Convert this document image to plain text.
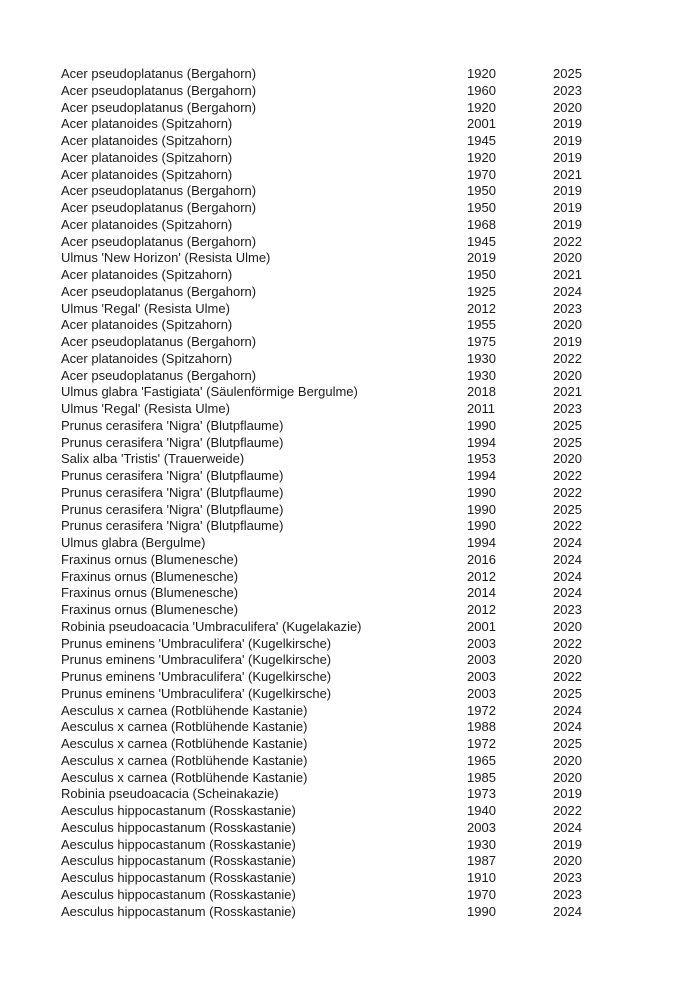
Acer pseudoplatanus (Bergahorn)	1920	2025
Acer pseudoplatanus (Bergahorn)	1960	2023
Acer pseudoplatanus (Bergahorn)	1920	2020
Acer platanoides (Spitzahorn)	2001	2019
Acer platanoides (Spitzahorn)	1945	2019
Acer platanoides (Spitzahorn)	1920	2019
Acer platanoides (Spitzahorn)	1970	2021
Acer pseudoplatanus (Bergahorn)	1950	2019
Acer pseudoplatanus (Bergahorn)	1950	2019
Acer platanoides (Spitzahorn)	1968	2019
Acer pseudoplatanus (Bergahorn)	1945	2022
Ulmus 'New Horizon' (Resista Ulme)	2019	2020
Acer platanoides (Spitzahorn)	1950	2021
Acer pseudoplatanus (Bergahorn)	1925	2024
Ulmus 'Regal' (Resista Ulme)	2012	2023
Acer platanoides (Spitzahorn)	1955	2020
Acer pseudoplatanus (Bergahorn)	1975	2019
Acer platanoides (Spitzahorn)	1930	2022
Acer pseudoplatanus (Bergahorn)	1930	2020
Ulmus glabra 'Fastigiata' (Säulenförmige Bergulme)	2018	2021
Ulmus 'Regal' (Resista Ulme)	2011	2023
Prunus cerasifera 'Nigra' (Blutpflaume)	1990	2025
Prunus cerasifera 'Nigra' (Blutpflaume)	1994	2025
Salix alba 'Tristis' (Trauerweide)	1953	2020
Prunus cerasifera 'Nigra' (Blutpflaume)	1994	2022
Prunus cerasifera 'Nigra' (Blutpflaume)	1990	2022
Prunus cerasifera 'Nigra' (Blutpflaume)	1990	2025
Prunus cerasifera 'Nigra' (Blutpflaume)	1990	2022
Ulmus glabra (Bergulme)	1994	2024
Fraxinus ornus (Blumenesche)	2016	2024
Fraxinus ornus (Blumenesche)	2012	2024
Fraxinus ornus (Blumenesche)	2014	2024
Fraxinus ornus (Blumenesche)	2012	2023
Robinia pseudoacacia 'Umbraculifera' (Kugelakazie)	2001	2020
Prunus eminens 'Umbraculifera' (Kugelkirsche)	2003	2022
Prunus eminens 'Umbraculifera' (Kugelkirsche)	2003	2020
Prunus eminens 'Umbraculifera' (Kugelkirsche)	2003	2022
Prunus eminens 'Umbraculifera' (Kugelkirsche)	2003	2025
Aesculus x carnea (Rotblühende Kastanie)	1972	2024
Aesculus x carnea (Rotblühende Kastanie)	1988	2024
Aesculus x carnea (Rotblühende Kastanie)	1972	2025
Aesculus x carnea (Rotblühende Kastanie)	1965	2020
Aesculus x carnea (Rotblühende Kastanie)	1985	2020
Robinia pseudoacacia (Scheinakazie)	1973	2019
Aesculus hippocastanum (Rosskastanie)	1940	2022
Aesculus hippocastanum (Rosskastanie)	2003	2024
Aesculus hippocastanum (Rosskastanie)	1930	2019
Aesculus hippocastanum (Rosskastanie)	1987	2020
Aesculus hippocastanum (Rosskastanie)	1910	2023
Aesculus hippocastanum (Rosskastanie)	1970	2023
Aesculus hippocastanum (Rosskastanie)	1990	2024
